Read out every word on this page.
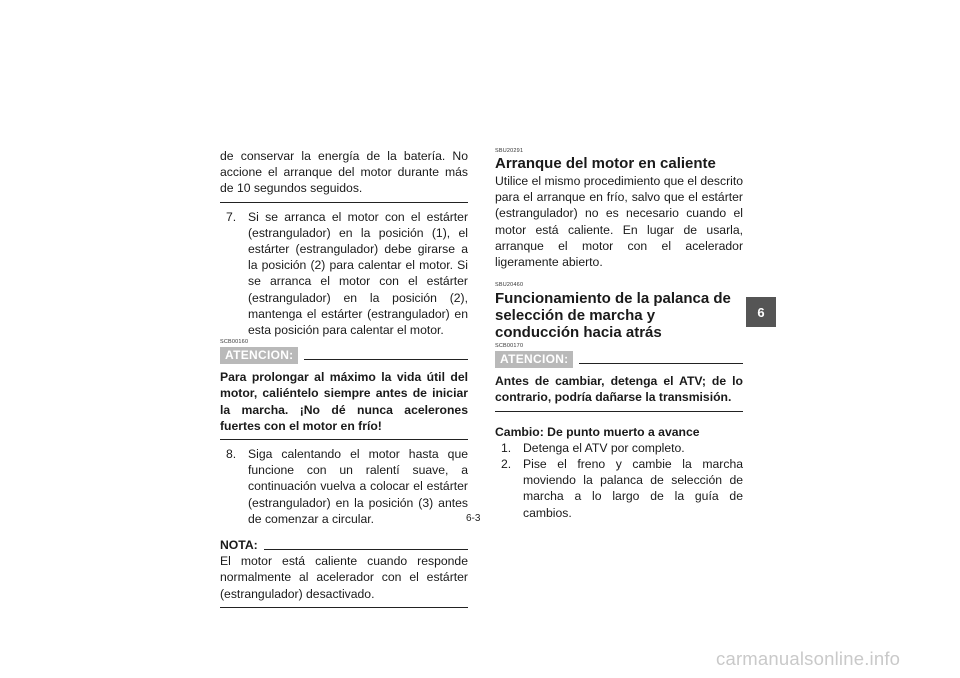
de conservar la energía de la batería. No accione el arranque del motor durante más de 10 segundos seguidos.
7. Si se arranca el motor con el estárter (estrangulador) en la posición (1), el estárter (estrangulador) debe girarse a la posición (2) para calentar el motor. Si se arranca el motor con el estárter (estrangulador) en la posición (2), mantenga el estárter (estrangulador) en esta posición para calentar el motor.
SCB00160
ATENCION:
Para prolongar al máximo la vida útil del motor, caliéntelo siempre antes de iniciar la marcha. ¡No dé nunca acelerones fuertes con el motor en frío!
8. Siga calentando el motor hasta que funcione con un ralentí suave, a continuación vuelva a colocar el estárter (estrangulador) en la posición (3) antes de comenzar a circular.
NOTA:
El motor está caliente cuando responde normalmente al acelerador con el estárter (estrangulador) desactivado.
SBU20291
Arranque del motor en caliente
Utilice el mismo procedimiento que el descrito para el arranque en frío, salvo que el estárter (estrangulador) no es necesario cuando el motor está caliente. En lugar de usarla, arranque el motor con el acelerador ligeramente abierto.
SBU20460
Funcionamiento de la palanca de selección de marcha y conducción hacia atrás
SCB00170
ATENCION:
Antes de cambiar, detenga el ATV; de lo contrario, podría dañarse la transmisión.
Cambio: De punto muerto a avance
1. Detenga el ATV por completo.
2. Pise el freno y cambie la marcha moviendo la palanca de selección de marcha a lo largo de la guía de cambios.
6
6-3
carmanualsonline.info
